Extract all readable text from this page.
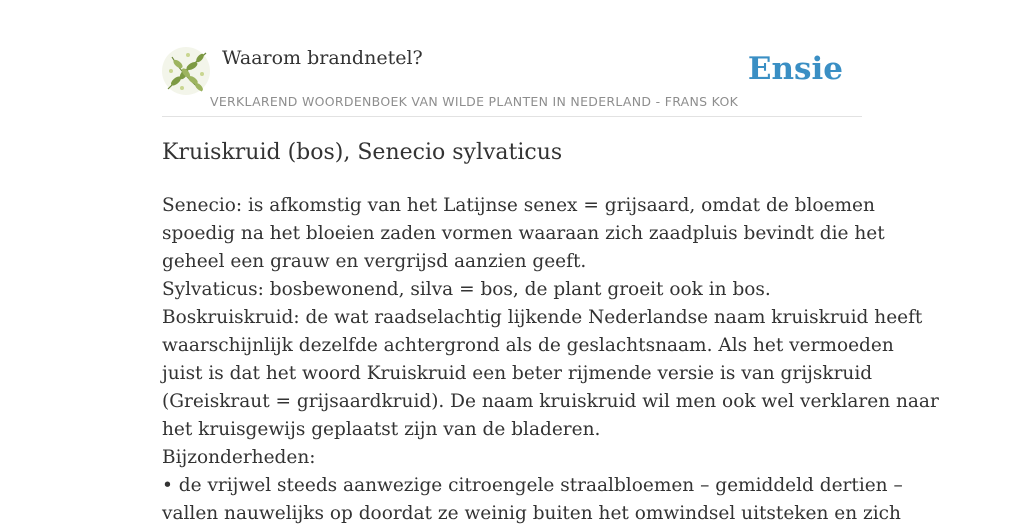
Waarom brandnetel?
VERKLAREND WOORDENBOEK VAN WILDE PLANTEN IN NEDERLAND - FRANS KOK
Ensie
Kruiskruid (bos), Senecio sylvaticus

Senecio: is afkomstig van het Latijnse senex = grijsaard, omdat de bloemen

spoedig na het bloeien zaden vormen waaraan zich zaadpluis bevindt die het

geheel een grauw en vergrijsd aanzien geeft.

Sylvaticus: bosbewonend, silva = bos, de plant groeit ook in bos.

Boskruiskruid: de wat raadselachtig lijkende Nederlandse naam kruiskruid heeft

waarschijnlijk dezelfde achtergrond als de geslachtsnaam. Als het vermoeden

juist is dat het woord Kruiskruid een beter rijmende versie is van grijskruid

(Greiskraut = grijsaardkruid). De naam kruiskruid wil men ook wel verklaren naar

het kruisgewijs geplaatst zijn van de bladeren.

Bijzonderheden:

• de vrijwel steeds aanwezige citroengele straalbloemen – gemiddeld dertien –

vallen nauwelijks op doordat ze weinig buiten het omwindsel uitsteken en zich
